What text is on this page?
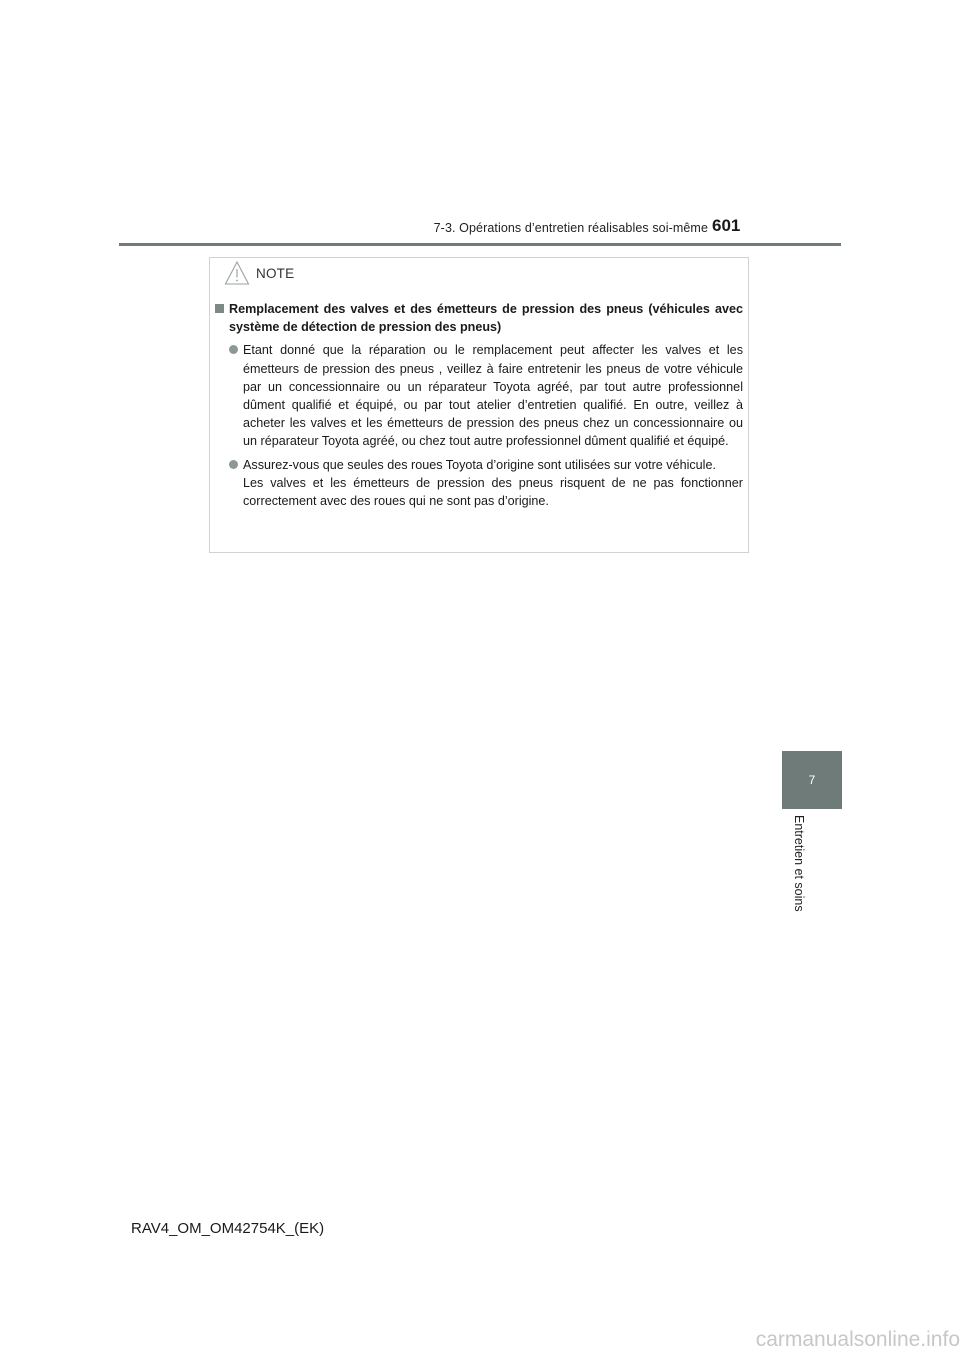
7-3. Opérations d’entretien réalisables soi-même 601
NOTE
Remplacement des valves et des émetteurs de pression des pneus (véhicules avec système de détection de pression des pneus)
Etant donné que la réparation ou le remplacement peut affecter les valves et les émetteurs de pression des pneus , veillez à faire entretenir les pneus de votre véhicule par un concessionnaire ou un réparateur Toyota agréé, par tout autre professionnel dûment qualifié et équipé, ou par tout atelier d’entretien qualifié. En outre, veillez à acheter les valves et les émetteurs de pression des pneus chez un concessionnaire ou un réparateur Toyota agréé, ou chez tout autre professionnel dûment qualifié et équipé.
Assurez-vous que seules des roues Toyota d’origine sont utilisées sur votre véhicule.
Les valves et les émetteurs de pression des pneus risquent de ne pas fonctionner correctement avec des roues qui ne sont pas d’origine.
7
Entretien et soins
RAV4_OM_OM42754K_(EK)
carmanualsonline.info
